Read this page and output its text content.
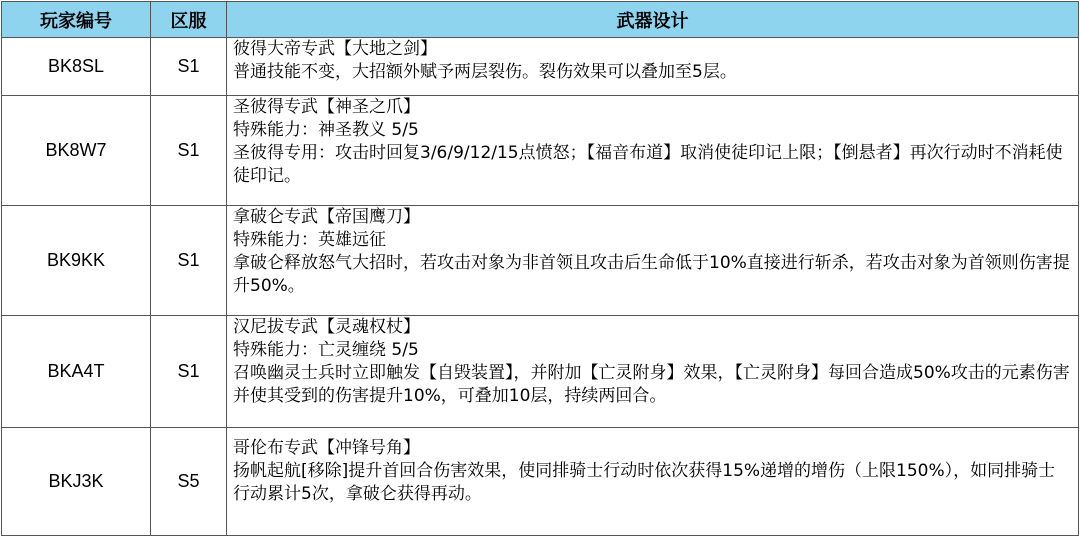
玩家编号	区服	武器设计
BK8SL	S1	彼得大帝专武【大地之剑】
普通技能不变，大招额外赋予两层裂伤。裂伤效果可以叠加至5层。

BK8W7	S1	圣彼得专武【神圣之爪】
特殊能力：神圣教义 5/5
圣彼得专用：攻击时回复3/6/9/12/15点愤怒；【福音布道】取消使徒印记上限；【倒悬者】再次行动时不消耗使徒印记。

BK9KK	S1	拿破仑专武【帝国鹰刀】
特殊能力：英雄远征
拿破仑释放怒气大招时，若攻击对象为非首领且攻击后生命低于10%直接进行斩杀，若攻击对象为首领则伤害提升50%。

BKA4T	S1	汉尼拔专武【灵魂权杖】
特殊能力：亡灵缠绕 5/5
召唤幽灵士兵时立即触发【自毁装置】，并附加【亡灵附身】效果，【亡灵附身】每回合造成50%攻击的元素伤害并使其受到的伤害提升10%，可叠加10层，持续两回合。

BKJ3K	S5	哥伦布专武【冲锋号角】
扬帆起航[移除]提升首回合伤害效果，使同排骑士行动时依次获得15%递增的增伤（上限150%），如同排骑士行动累计5次，拿破仑获得再动。
